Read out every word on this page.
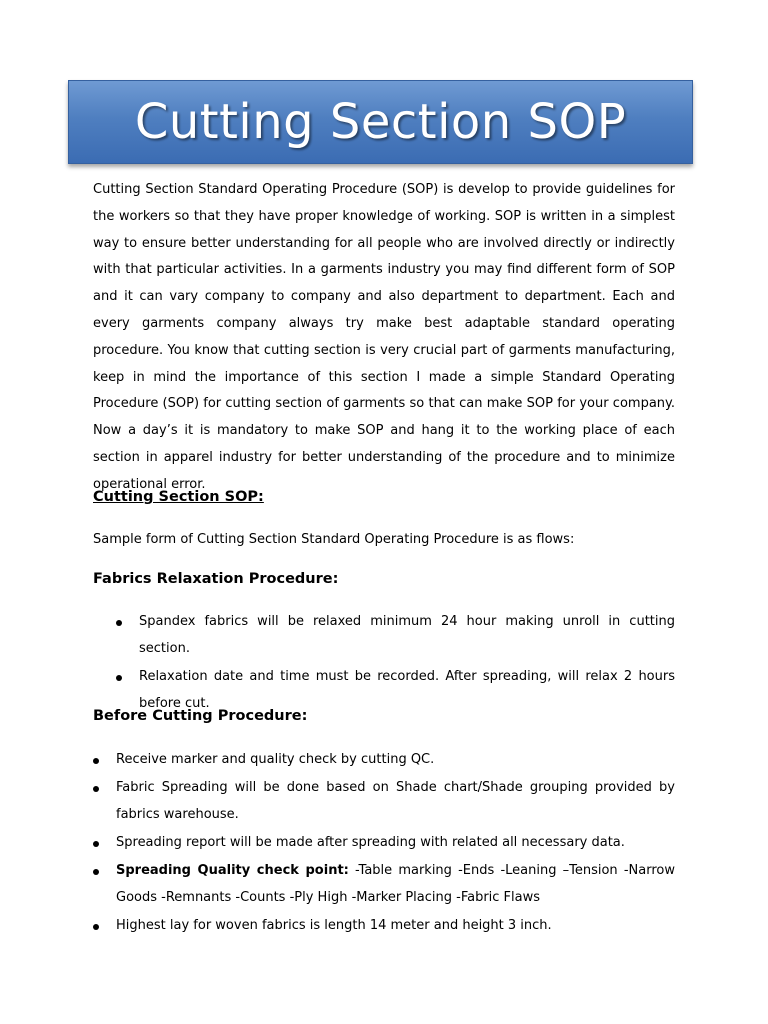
Cutting Section SOP

Cutting Section Standard Operating Procedure (SOP) is develop to provide guidelines for the workers so that they have proper knowledge of working. SOP is written in a simplest way to ensure better understanding for all people who are involved directly or indirectly with that particular activities. In a garments industry you may find different form of SOP and it can vary company to company and also department to department. Each and every garments company always try make best adaptable standard operating procedure. You know that cutting section is very crucial part of garments manufacturing, keep in mind the importance of this section I made a simple Standard Operating Procedure (SOP) for cutting section of garments so that can make SOP for your company. Now a day’s it is mandatory to make SOP and hang it to the working place of each section in apparel industry for better understanding of the procedure and to minimize operational error.

Cutting Section SOP:

Sample form of Cutting Section Standard Operating Procedure is as flows:

Fabrics Relaxation Procedure:
Spandex fabrics will be relaxed minimum 24 hour making unroll in cutting section.
Relaxation date and time must be recorded. After spreading, will relax 2 hours before cut.
Before Cutting Procedure:
Receive marker and quality check by cutting QC.
Fabric Spreading will be done based on Shade chart/Shade grouping provided by fabrics warehouse.
Spreading report will be made after spreading with related all necessary data.
Spreading Quality check point: -Table marking -Ends -Leaning –Tension -Narrow Goods -Remnants -Counts -Ply High -Marker Placing -Fabric Flaws
Highest lay for woven fabrics is length 14 meter and height 3 inch.
